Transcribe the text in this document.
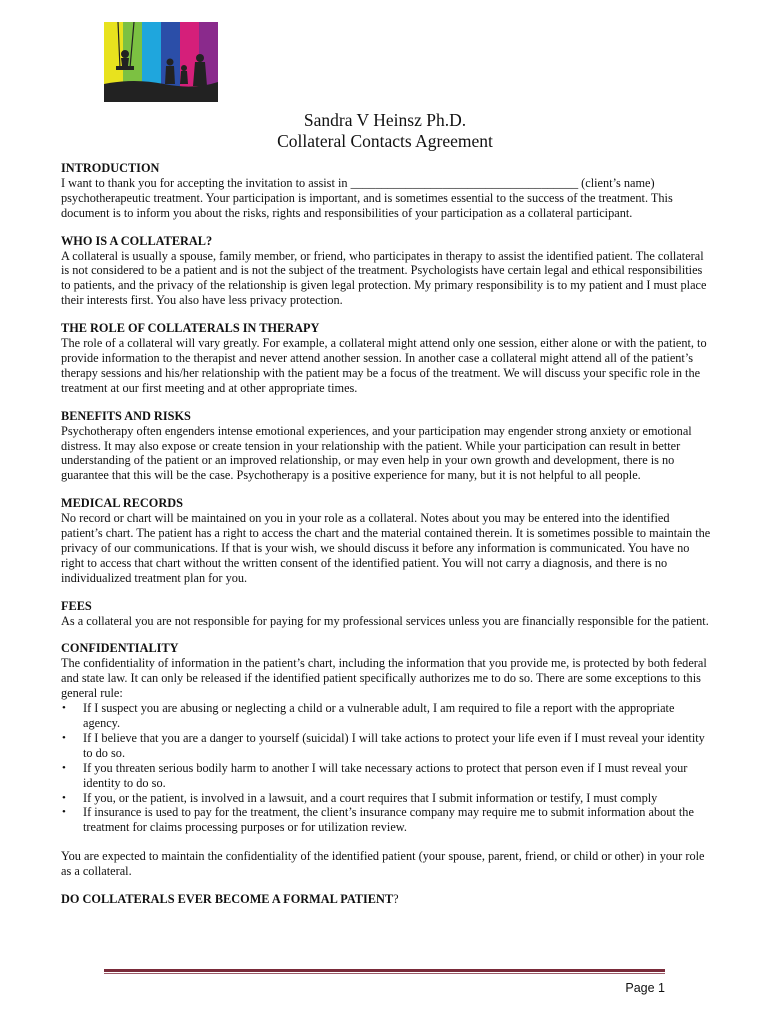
Sandra V Heinsz Ph.D.
Collateral Contacts Agreement
INTRODUCTION

I want to thank you for accepting the invitation to assist in _____________________________________ (client’s name) psychotherapeutic treatment. Your participation is important, and is sometimes essential to the success of the treatment. This document is to inform you about the risks, rights and responsibilities of your participation as a collateral participant.

WHO IS A COLLATERAL?

A collateral is usually a spouse, family member, or friend, who participates in therapy to assist the identified patient. The collateral is not considered to be a patient and is not the subject of the treatment. Psychologists have certain legal and ethical responsibilities to patients, and the privacy of the relationship is given legal protection. My primary responsibility is to my patient and I must place their interests first. You also have less privacy protection.

THE ROLE OF COLLATERALS IN THERAPY

The role of a collateral will vary greatly. For example, a collateral might attend only one session, either alone or with the patient, to provide information to the therapist and never attend another session. In another case a collateral might attend all of the patient’s therapy sessions and his/her relationship with the patient may be a focus of the treatment. We will discuss your specific role in the treatment at our first meeting and at other appropriate times.

BENEFITS AND RISKS

Psychotherapy often engenders intense emotional experiences, and your participation may engender strong anxiety or emotional distress. It may also expose or create tension in your relationship with the patient. While your participation can result in better understanding of the patient or an improved relationship, or may even help in your own growth and development, there is no guarantee that this will be the case. Psychotherapy is a positive experience for many, but it is not helpful to all people.

MEDICAL RECORDS

No record or chart will be maintained on you in your role as a collateral. Notes about you may be entered into the identified patient’s chart. The patient has a right to access the chart and the material contained therein. It is sometimes possible to maintain the privacy of our communications. If that is your wish, we should discuss it before any information is communicated. You have no right to access that chart without the written consent of the identified patient. You will not carry a diagnosis, and there is no individualized treatment plan for you.

FEES

As a collateral you are not responsible for paying for my professional services unless you are financially responsible for the patient.

CONFIDENTIALITY

The confidentiality of information in the patient’s chart, including the information that you provide me, is protected by both federal and state law. It can only be released if the identified patient specifically authorizes me to do so. There are some exceptions to this general rule:

• If I suspect you are abusing or neglecting a child or a vulnerable adult, I am required to file a report with the appropriate agency.
• If I believe that you are a danger to yourself (suicidal) I will take actions to protect your life even if I must reveal your identity to do so.
• If you threaten serious bodily harm to another I will take necessary actions to protect that person even if I must reveal your identity to do so.
• If you, or the patient, is involved in a lawsuit, and a court requires that I submit information or testify, I must comply
• If insurance is used to pay for the treatment, the client’s insurance company may require me to submit information about the treatment for claims processing purposes or for utilization review.

You are expected to maintain the confidentiality of the identified patient (your spouse, parent, friend, or child or other) in your role as a collateral.

DO COLLATERALS EVER BECOME A FORMAL PATIENT?

Page 1
